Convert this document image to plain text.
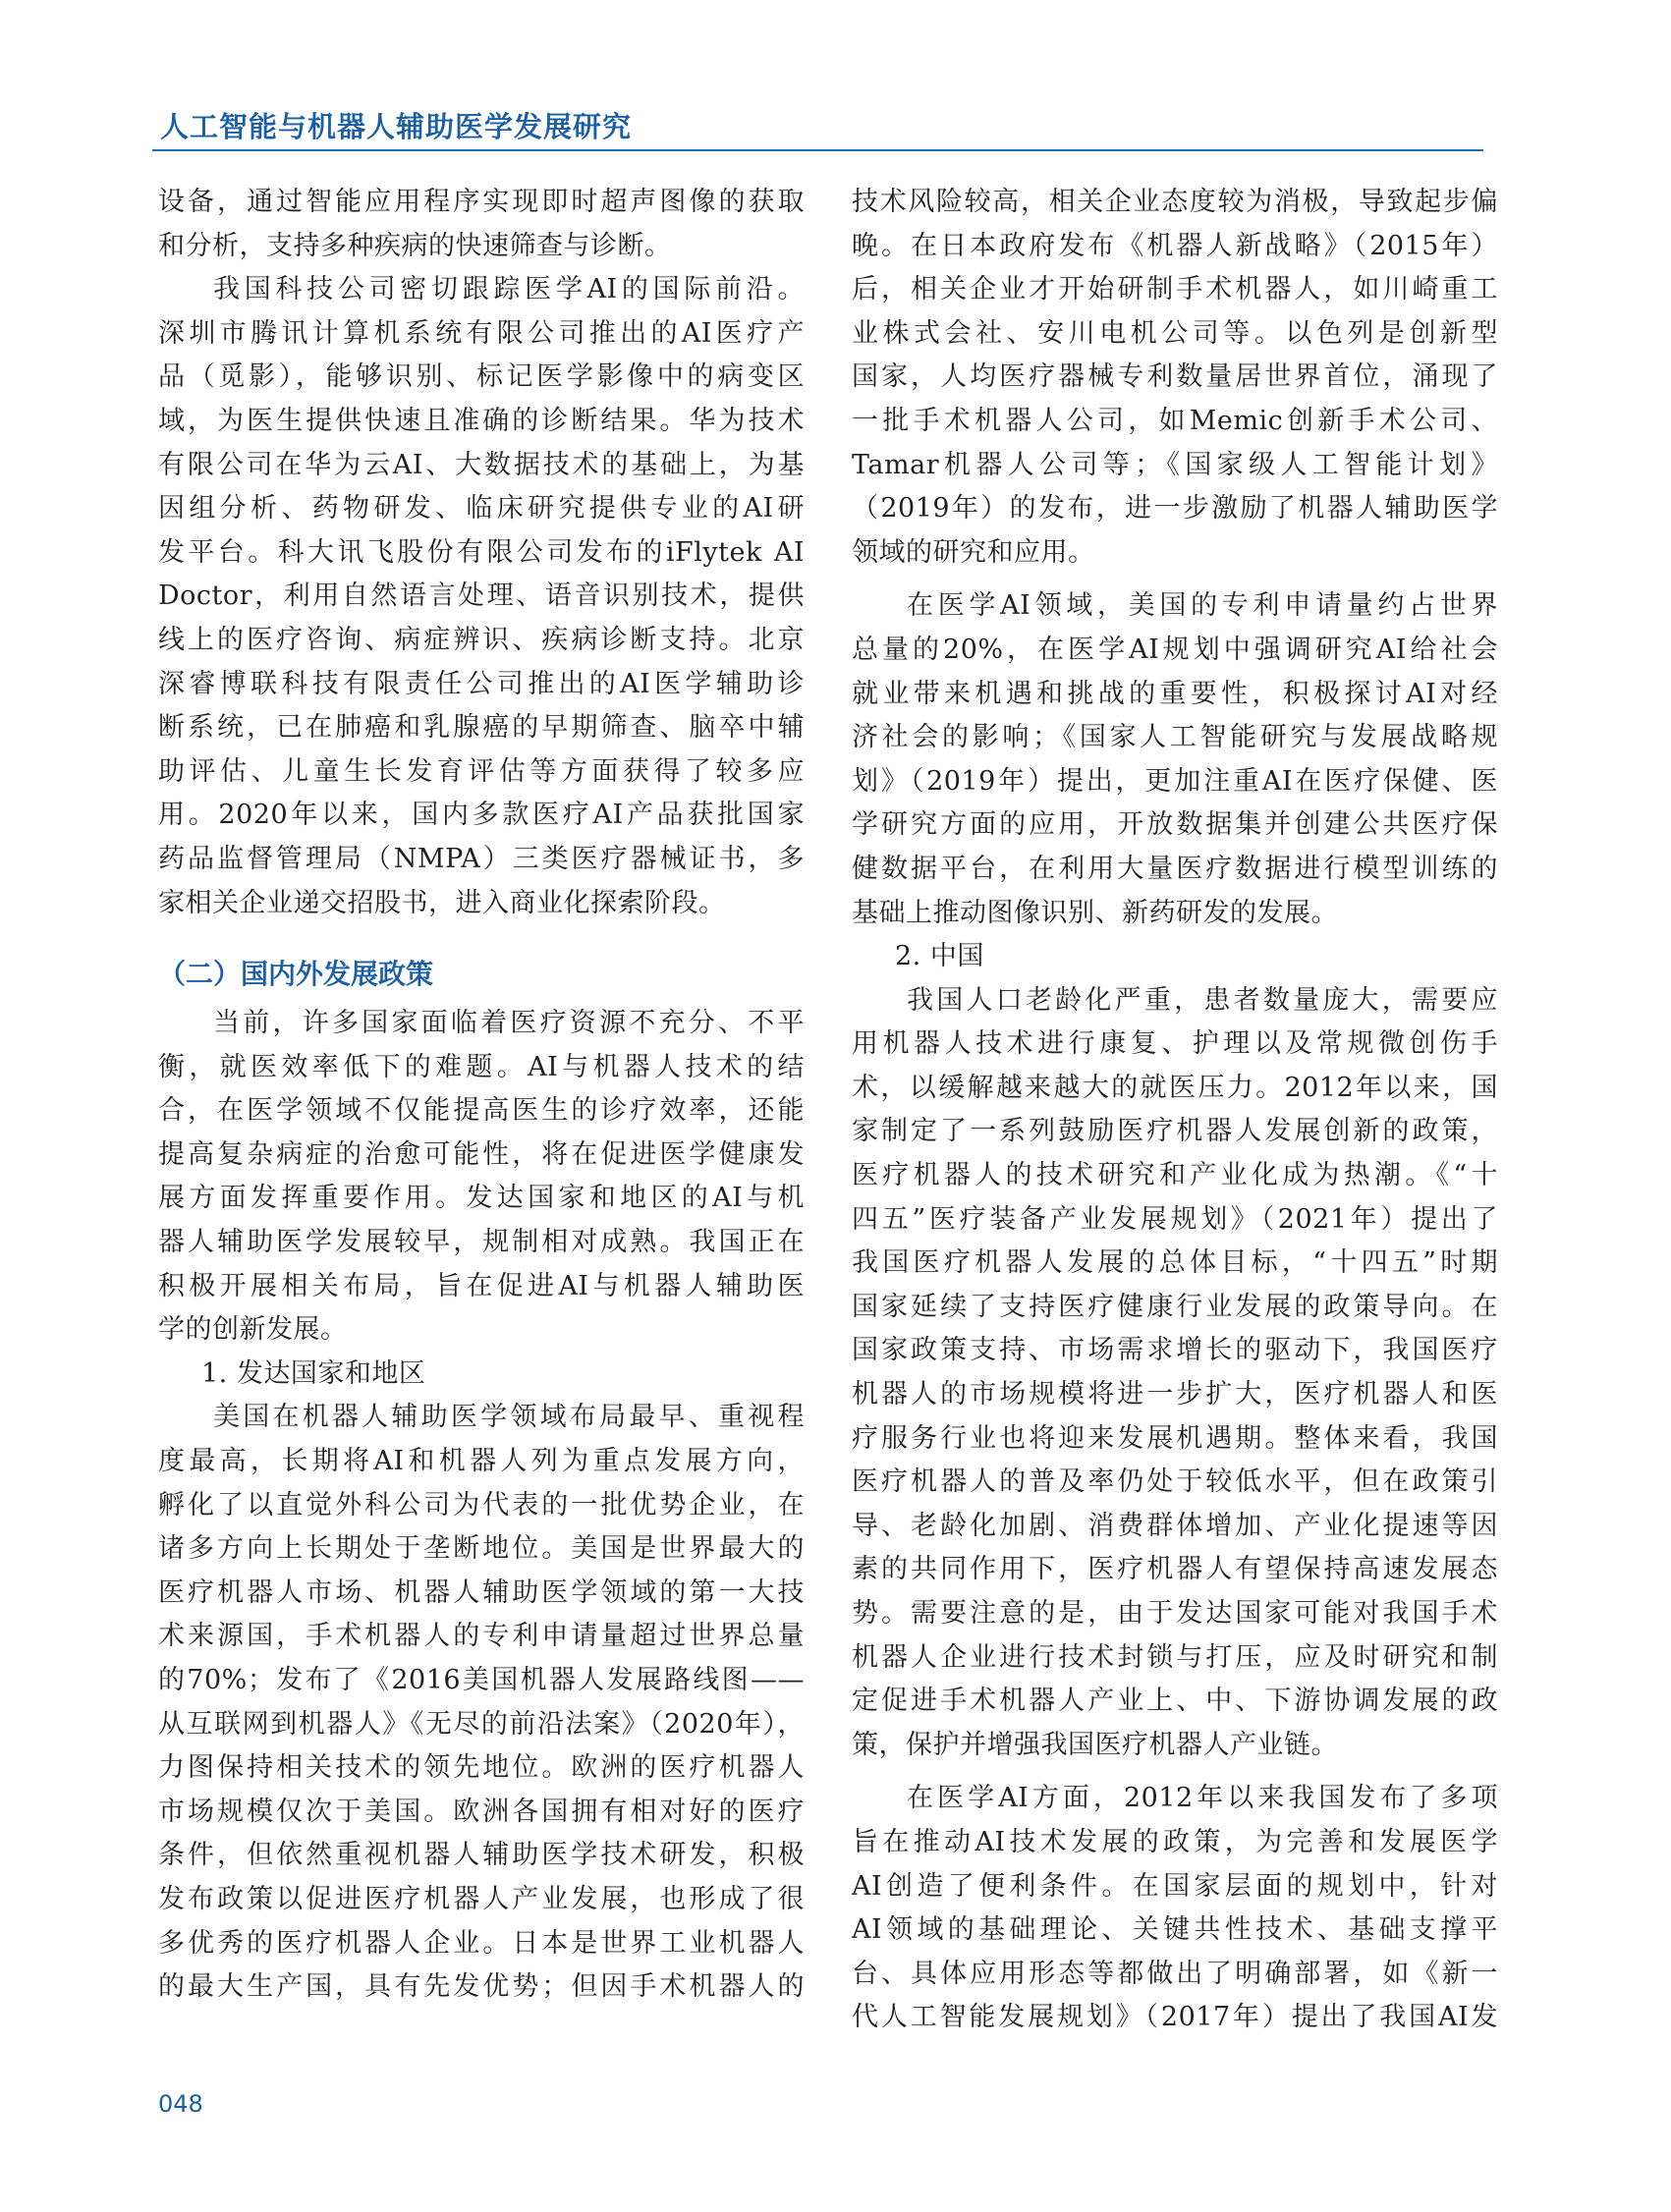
人工智能与机器人辅助医学发展研究

设备，通过智能应用程序实现即时超声图像的获取

和分析，支持多种疾病的快速筛查与诊断。

我国科技公司密切跟踪医学AI的国际前沿。

深圳市腾讯计算机系统有限公司推出的AI医疗产

品（觅影），能够识别、标记医学影像中的病变区

域，为医生提供快速且准确的诊断结果。华为技术

有限公司在华为云AI、大数据技术的基础上，为基

因组分析、药物研发、临床研究提供专业的AI研

发平台。科大讯飞股份有限公司发布的iFlytek AI

Doctor，利用自然语言处理、语音识别技术，提供

线上的医疗咨询、病症辨识、疾病诊断支持。北京

深睿博联科技有限责任公司推出的AI医学辅助诊

断系统，已在肺癌和乳腺癌的早期筛查、脑卒中辅

助评估、儿童生长发育评估等方面获得了较多应

用。2020年以来，国内多款医疗AI产品获批国家

药品监督管理局（NMPA）三类医疗器械证书，多

家相关企业递交招股书，进入商业化探索阶段。

（二）国内外发展政策

当前，许多国家面临着医疗资源不充分、不平

衡，就医效率低下的难题。AI与机器人技术的结

合，在医学领域不仅能提高医生的诊疗效率，还能

提高复杂病症的治愈可能性，将在促进医学健康发

展方面发挥重要作用。发达国家和地区的AI与机

器人辅助医学发展较早，规制相对成熟。我国正在

积极开展相关布局，旨在促进AI与机器人辅助医

学的创新发展。

1. 发达国家和地区

美国在机器人辅助医学领域布局最早、重视程

度最高，长期将AI和机器人列为重点发展方向，

孵化了以直觉外科公司为代表的一批优势企业，在

诸多方向上长期处于垄断地位。美国是世界最大的

医疗机器人市场、机器人辅助医学领域的第一大技

术来源国，手术机器人的专利申请量超过世界总量

的70%；发布了《2016美国机器人发展路线图——

从互联网到机器人》《无尽的前沿法案》（2020年），

力图保持相关技术的领先地位。欧洲的医疗机器人

市场规模仅次于美国。欧洲各国拥有相对好的医疗

条件，但依然重视机器人辅助医学技术研发，积极

发布政策以促进医疗机器人产业发展，也形成了很

多优秀的医疗机器人企业。日本是世界工业机器人

的最大生产国，具有先发优势；但因手术机器人的

技术风险较高，相关企业态度较为消极，导致起步偏

晚。在日本政府发布《机器人新战略》（2015年）

后，相关企业才开始研制手术机器人，如川崎重工

业株式会社、安川电机公司等。以色列是创新型

国家，人均医疗器械专利数量居世界首位，涌现了

一批手术机器人公司，如Memic创新手术公司、

Tamar机器人公司等；《国家级人工智能计划》

（2019年）的发布，进一步激励了机器人辅助医学

领域的研究和应用。

在医学AI领域，美国的专利申请量约占世界

总量的20%，在医学AI规划中强调研究AI给社会

就业带来机遇和挑战的重要性，积极探讨AI对经

济社会的影响；《国家人工智能研究与发展战略规

划》（2019年）提出，更加注重AI在医疗保健、医

学研究方面的应用，开放数据集并创建公共医疗保

健数据平台，在利用大量医疗数据进行模型训练的

基础上推动图像识别、新药研发的发展。

2. 中国

我国人口老龄化严重，患者数量庞大，需要应

用机器人技术进行康复、护理以及常规微创伤手

术，以缓解越来越大的就医压力。2012年以来，国

家制定了一系列鼓励医疗机器人发展创新的政策，

医疗机器人的技术研究和产业化成为热潮。《“十

四五”医疗装备产业发展规划》（2021年）提出了

我国医疗机器人发展的总体目标，“十四五”时期

国家延续了支持医疗健康行业发展的政策导向。在

国家政策支持、市场需求增长的驱动下，我国医疗

机器人的市场规模将进一步扩大，医疗机器人和医

疗服务行业也将迎来发展机遇期。整体来看，我国

医疗机器人的普及率仍处于较低水平，但在政策引

导、老龄化加剧、消费群体增加、产业化提速等因

素的共同作用下，医疗机器人有望保持高速发展态

势。需要注意的是，由于发达国家可能对我国手术

机器人企业进行技术封锁与打压，应及时研究和制

定促进手术机器人产业上、中、下游协调发展的政

策，保护并增强我国医疗机器人产业链。

在医学AI方面，2012年以来我国发布了多项

旨在推动AI技术发展的政策，为完善和发展医学

AI创造了便利条件。在国家层面的规划中，针对

AI领域的基础理论、关键共性技术、基础支撑平

台、具体应用形态等都做出了明确部署，如《新一

代人工智能发展规划》（2017年）提出了我国AI发

048
